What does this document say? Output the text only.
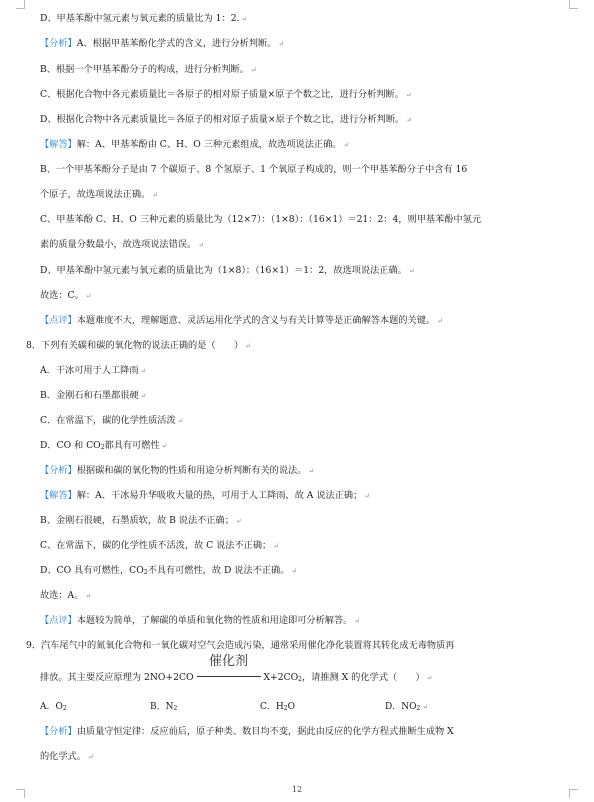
D、甲基苯酚中氢元素与氧元素的质量比为 1：2. ↵
【分析】A、根据甲基苯酚化学式的含义，进行分析判断。 ↵
B、根据一个甲基苯酚分子的构成，进行分析判断。 ↵
C、根据化合物中各元素质量比＝各原子的相对原子质量×原子个数之比，进行分析判断。 ↵
D、根据化合物中各元素质量比＝各原子的相对原子质量×原子个数之比，进行分析判断。 ↵
【解答】解：A、甲基苯酚由 C、H、O 三种元素组成，故选项说法正确。 ↵
B、一个甲基苯酚分子是由 7 个碳原子、8 个氢原子、1 个氧原子构成的，则一个甲基苯酚分子中含有 16
个原子，故选项说法正确。 ↵
C、甲基苯酚 C、H、O 三种元素的质量比为（12×7）：（1×8）：（16×1）＝21：2：4，则甲基苯酚中氢元
素的质量分数最小，故选项说法错误。 ↵
D、甲基苯酚中氢元素与氧元素的质量比为（1×8）：（16×1）＝1：2，故选项说法正确。 ↵
故选：C。 ↵
【点评】本题难度不大，理解题意、灵活运用化学式的含义与有关计算等是正确解答本题的关键。 ↵
8．下列有关碳和碳的氧化物的说法正确的是（　　） ↵
A．干冰可用于人工降雨 ↵
B．金刚石和石墨都很硬 ↵
C．在常温下，碳的化学性质活泼 ↵
D．CO 和 CO2都具有可燃性 ↵
【分析】根据碳和碳的氧化物的性质和用途分析判断有关的说法。 ↵
【解答】解：A、干冰易升华吸收大量的热，可用于人工降雨，故 A 说法正确； ↵
B、金刚石很硬，石墨质软，故 B 说法不正确； ↵
C、在常温下，碳的化学性质不活泼，故 C 说法不正确； ↵
D、CO 具有可燃性，CO2不具有可燃性，故 D 说法不正确。 ↵
故选：A。 ↵
【点评】本题较为简单，了解碳的单质和氧化物的性质和用途即可分析解答。 ↵
9．汽车尾气中的氮氧化合物和一氧化碳对空气会造成污染，通常采用催化净化装置将其转化成无毒物质再
排放。其主要反应原理为 2NO+2CO
催化剂
X+2CO2，请推测 X 的化学式（　　） ↵
A．O2	B．N2	C．H2O	D．NO2 ↵
【分析】由质量守恒定律：反应前后，原子种类、数目均不变，据此由反应的化学方程式推断生成物 X
的化学式。 ↵
12
